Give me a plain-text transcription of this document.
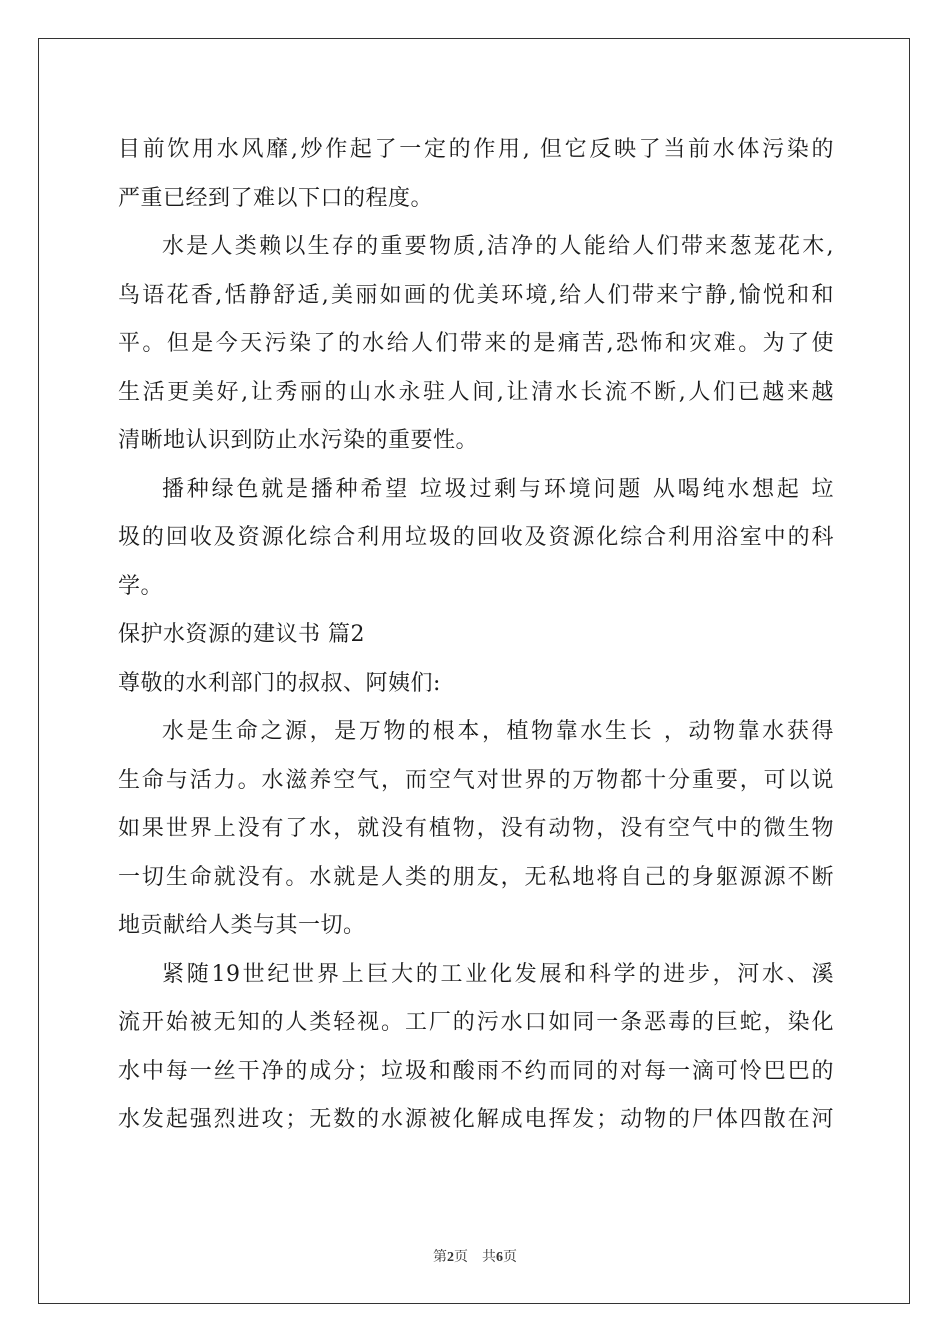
目前饮用水风靡,炒作起了一定的作用, 但它反映了当前水体污染的
严重已经到了难以下口的程度。
水是人类赖以生存的重要物质,洁净的人能给人们带来葱茏花木,
鸟语花香,恬静舒适,美丽如画的优美环境,给人们带来宁静,愉悦和和
平。但是今天污染了的水给人们带来的是痛苦,恐怖和灾难。为了使
生活更美好,让秀丽的山水永驻人间,让清水长流不断,人们已越来越
清晰地认识到防止水污染的重要性。
播种绿色就是播种希望 垃圾过剩与环境问题 从喝纯水想起 垃
圾的回收及资源化综合利用垃圾的回收及资源化综合利用浴室中的科
学。
保护水资源的建议书 篇2
尊敬的水利部门的叔叔、阿姨们:
水是生命之源，是万物的根本，植物靠水生长 ，动物靠水获得
生命与活力。水滋养空气，而空气对世界的万物都十分重要，可以说
如果世界上没有了水，就没有植物，没有动物，没有空气中的微生物
一切生命就没有。水就是人类的朋友，无私地将自己的身躯源源不断
地贡献给人类与其一切。
紧随19世纪世界上巨大的工业化发展和科学的进步，河水、溪
流开始被无知的人类轻视。工厂的污水口如同一条恶毒的巨蛇，染化
水中每一丝干净的成分；垃圾和酸雨不约而同的对每一滴可怜巴巴的
水发起强烈进攻；无数的水源被化解成电挥发；动物的尸体四散在河
第2页　共6页
